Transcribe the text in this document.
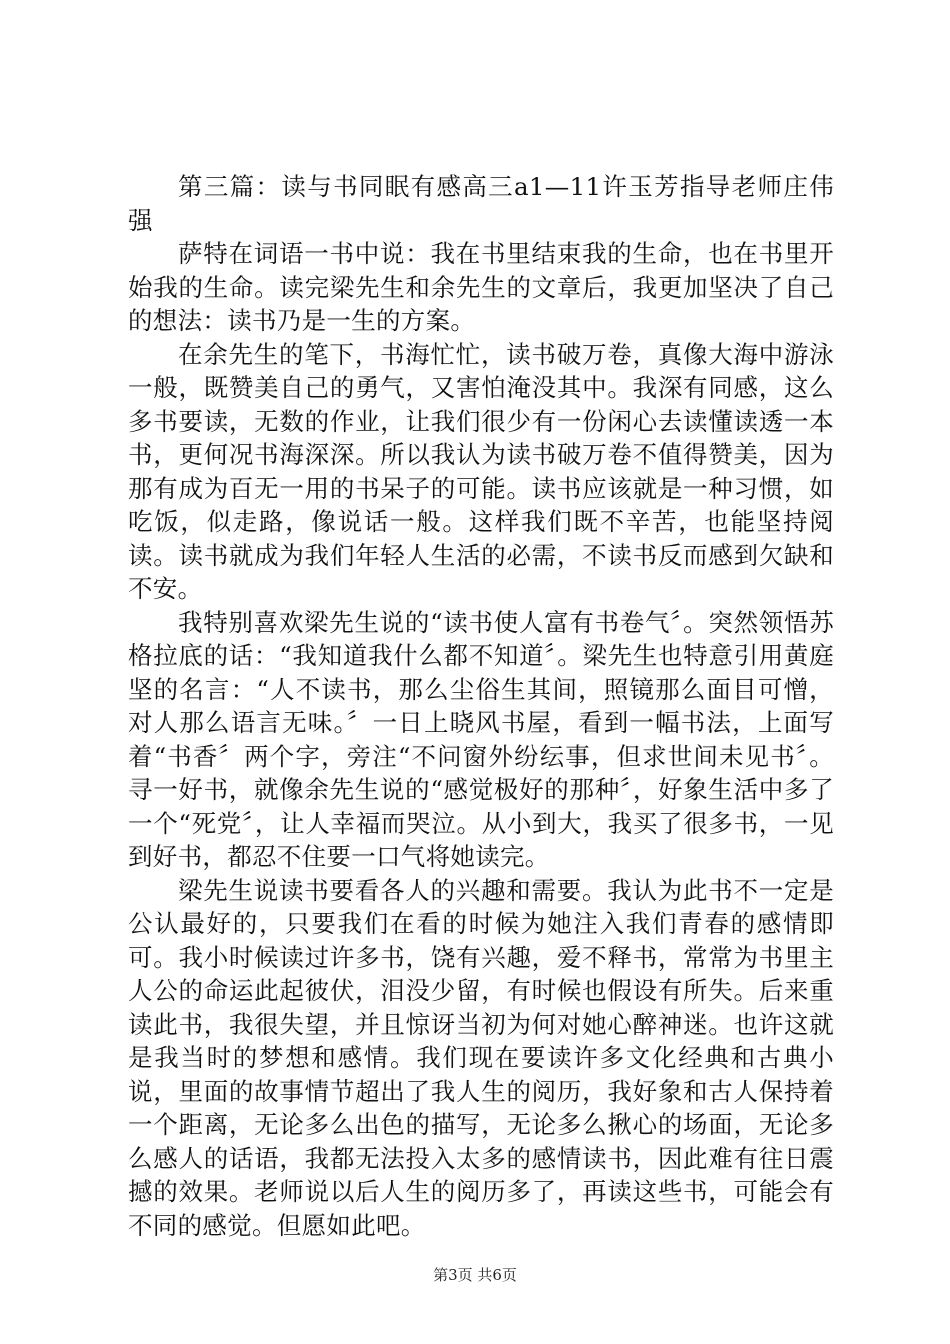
第三篇：读与书同眠有感高三a1—11许玉芳指导老师庄伟强

萨特在词语一书中说：我在书里结束我的生命，也在书里开始我的生命。读完梁先生和余先生的文章后，我更加坚决了自己的想法：读书乃是一生的方案。

在余先生的笔下，书海忙忙，读书破万卷，真像大海中游泳一般，既赞美自己的勇气，又害怕淹没其中。我深有同感，这么多书要读，无数的作业，让我们很少有一份闲心去读懂读透一本书，更何况书海深深。所以我认为读书破万卷不值得赞美，因为那有成为百无一用的书呆子的可能。读书应该就是一种习惯，如吃饭，似走路，像说话一般。这样我们既不辛苦，也能坚持阅读。读书就成为我们年轻人生活的必需，不读书反而感到欠缺和不安。

我特别喜欢梁先生说的“读书使人富有书卷气〞。突然领悟苏格拉底的话：“我知道我什么都不知道〞。梁先生也特意引用黄庭坚的名言：“人不读书，那么尘俗生其间，照镜那么面目可憎，对人那么语言无味。〞一日上晓风书屋，看到一幅书法，上面写着“书香〞两个字，旁注“不问窗外纷纭事，但求世间未见书〞。寻一好书，就像余先生说的“感觉极好的那种〞，好象生活中多了一个“死党〞，让人幸福而哭泣。从小到大，我买了很多书，一见到好书，都忍不住要一口气将她读完。

梁先生说读书要看各人的兴趣和需要。我认为此书不一定是公认最好的，只要我们在看的时候为她注入我们青春的感情即可。我小时候读过许多书，饶有兴趣，爱不释书，常常为书里主人公的命运此起彼伏，泪没少留，有时候也假设有所失。后来重读此书，我很失望，并且惊讶当初为何对她心醉神迷。也许这就是我当时的梦想和感情。我们现在要读许多文化经典和古典小说，里面的故事情节超出了我人生的阅历，我好象和古人保持着一个距离，无论多么出色的描写，无论多么揪心的场面，无论多么感人的话语，我都无法投入太多的感情读书，因此难有往日震撼的效果。老师说以后人生的阅历多了，再读这些书，可能会有不同的感觉。但愿如此吧。

第3页 共6页
